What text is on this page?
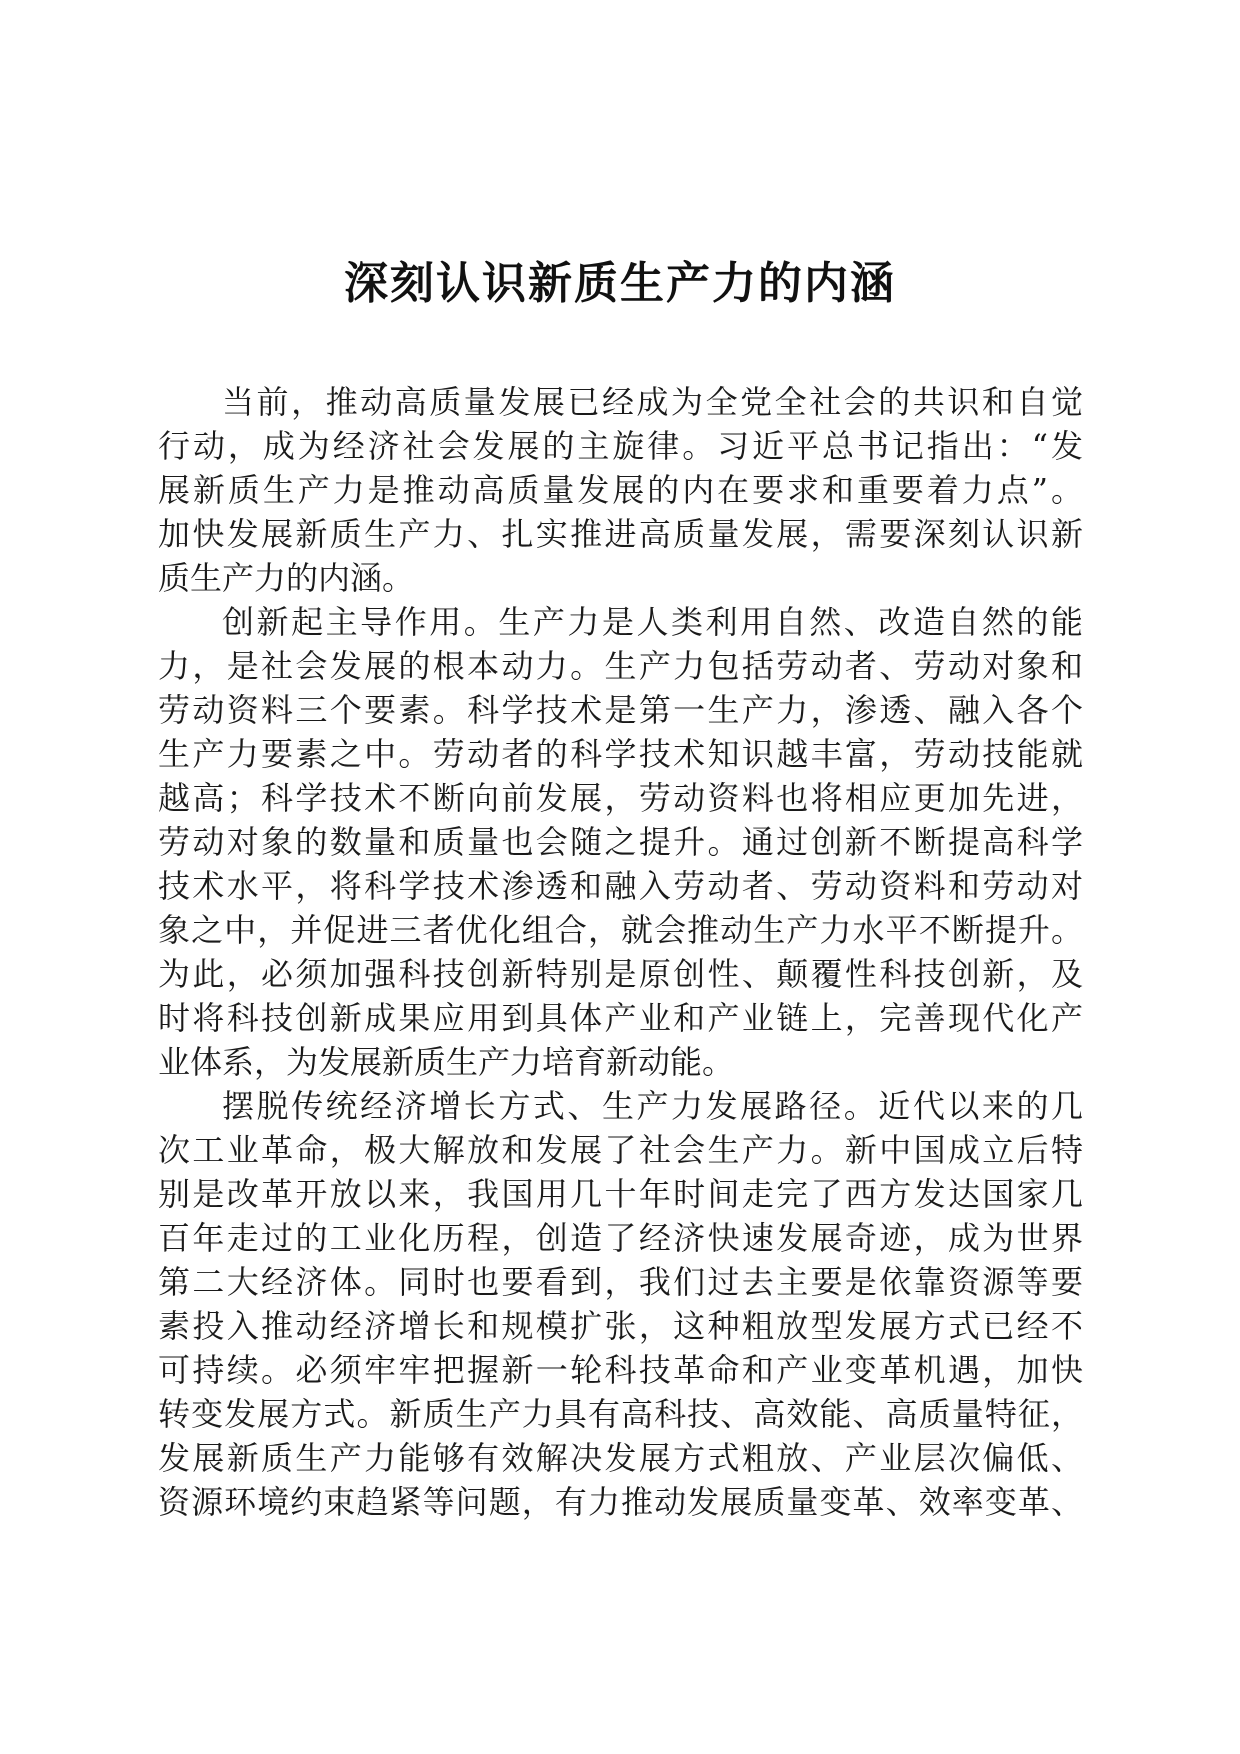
深刻认识新质生产力的内涵

当前，推动高质量发展已经成为全党全社会的共识和自觉
行动，成为经济社会发展的主旋律。习近平总书记指出：“发
展新质生产力是推动高质量发展的内在要求和重要着力点”。
加快发展新质生产力、扎实推进高质量发展，需要深刻认识新
质生产力的内涵。

创新起主导作用。生产力是人类利用自然、改造自然的能
力，是社会发展的根本动力。生产力包括劳动者、劳动对象和
劳动资料三个要素。科学技术是第一生产力，渗透、融入各个
生产力要素之中。劳动者的科学技术知识越丰富，劳动技能就
越高；科学技术不断向前发展，劳动资料也将相应更加先进，
劳动对象的数量和质量也会随之提升。通过创新不断提高科学
技术水平，将科学技术渗透和融入劳动者、劳动资料和劳动对
象之中，并促进三者优化组合，就会推动生产力水平不断提升。
为此，必须加强科技创新特别是原创性、颠覆性科技创新，及
时将科技创新成果应用到具体产业和产业链上，完善现代化产
业体系，为发展新质生产力培育新动能。

摆脱传统经济增长方式、生产力发展路径。近代以来的几
次工业革命，极大解放和发展了社会生产力。新中国成立后特
别是改革开放以来，我国用几十年时间走完了西方发达国家几
百年走过的工业化历程，创造了经济快速发展奇迹，成为世界
第二大经济体。同时也要看到，我们过去主要是依靠资源等要
素投入推动经济增长和规模扩张，这种粗放型发展方式已经不
可持续。必须牢牢把握新一轮科技革命和产业变革机遇，加快
转变发展方式。新质生产力具有高科技、高效能、高质量特征，
发展新质生产力能够有效解决发展方式粗放、产业层次偏低、
资源环境约束趋紧等问题，有力推动发展质量变革、效率变革、
